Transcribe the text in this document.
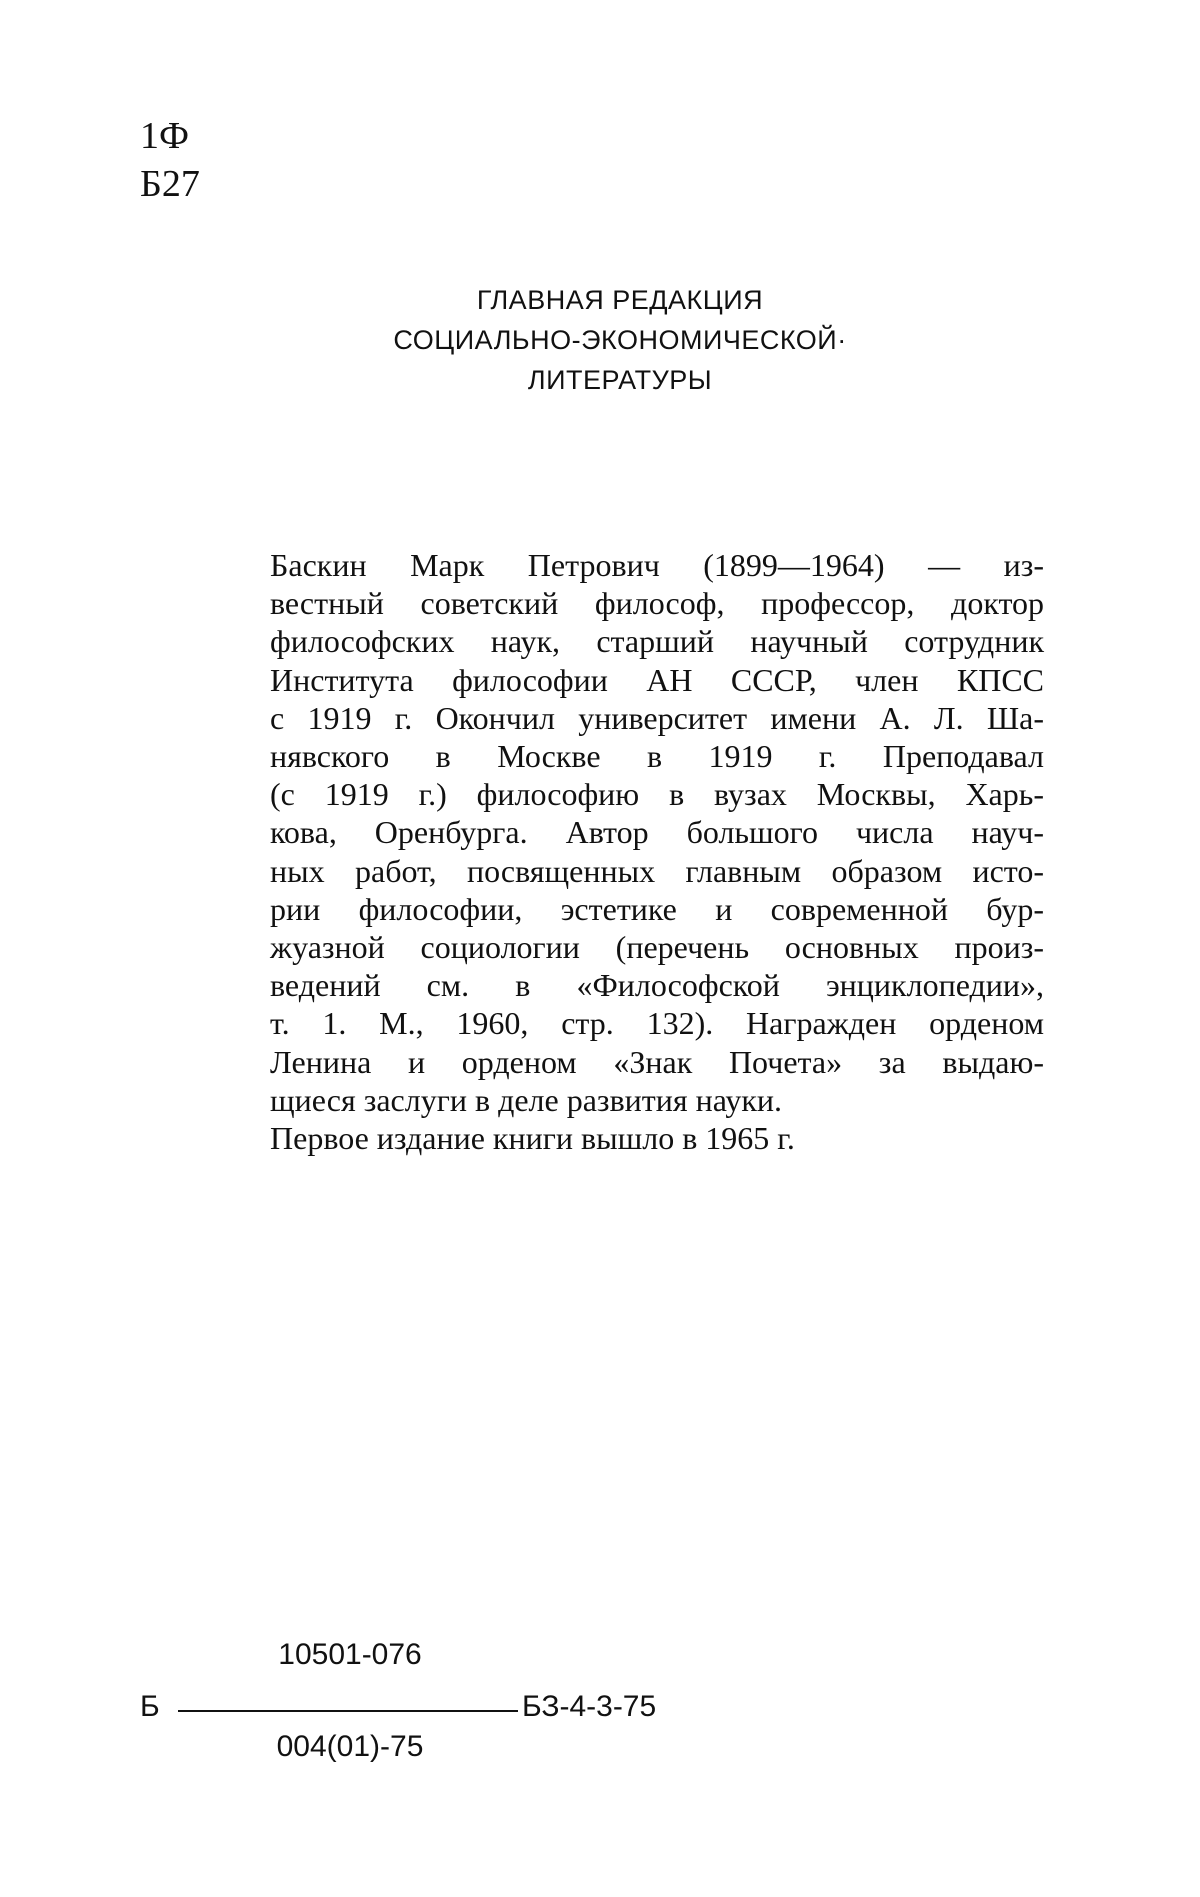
1Ф
Б27
ГЛАВНАЯ РЕДАКЦИЯ
СОЦИАЛЬНО-ЭКОНОМИЧЕСКОЙ·
ЛИТЕРАТУРЫ
Баскин Марк Петрович (1899—1964) — из-
вестный советский философ, профессор, доктор
философских наук, старший научный сотрудник
Института философии АН СССР, член КПСС
с 1919 г. Окончил университет имени А. Л. Ша-
нявского в Москве в 1919 г. Преподавал
(с 1919 г.) философию в вузах Москвы, Харь-
кова, Оренбурга. Автор большого числа науч-
ных работ, посвященных главным образом исто-
рии философии, эстетике и современной бур-
жуазной социологии (перечень основных произ-
ведений см. в «Философской энциклопедии»,
т. 1. М., 1960, стр. 132). Награжден орденом
Ленина и орденом «Знак Почета» за выдаю-
щиеся заслуги в деле развития науки.
Первое издание книги вышло в 1965 г.
Б
10501-076
004(01)-75
БЗ-4-3-75
